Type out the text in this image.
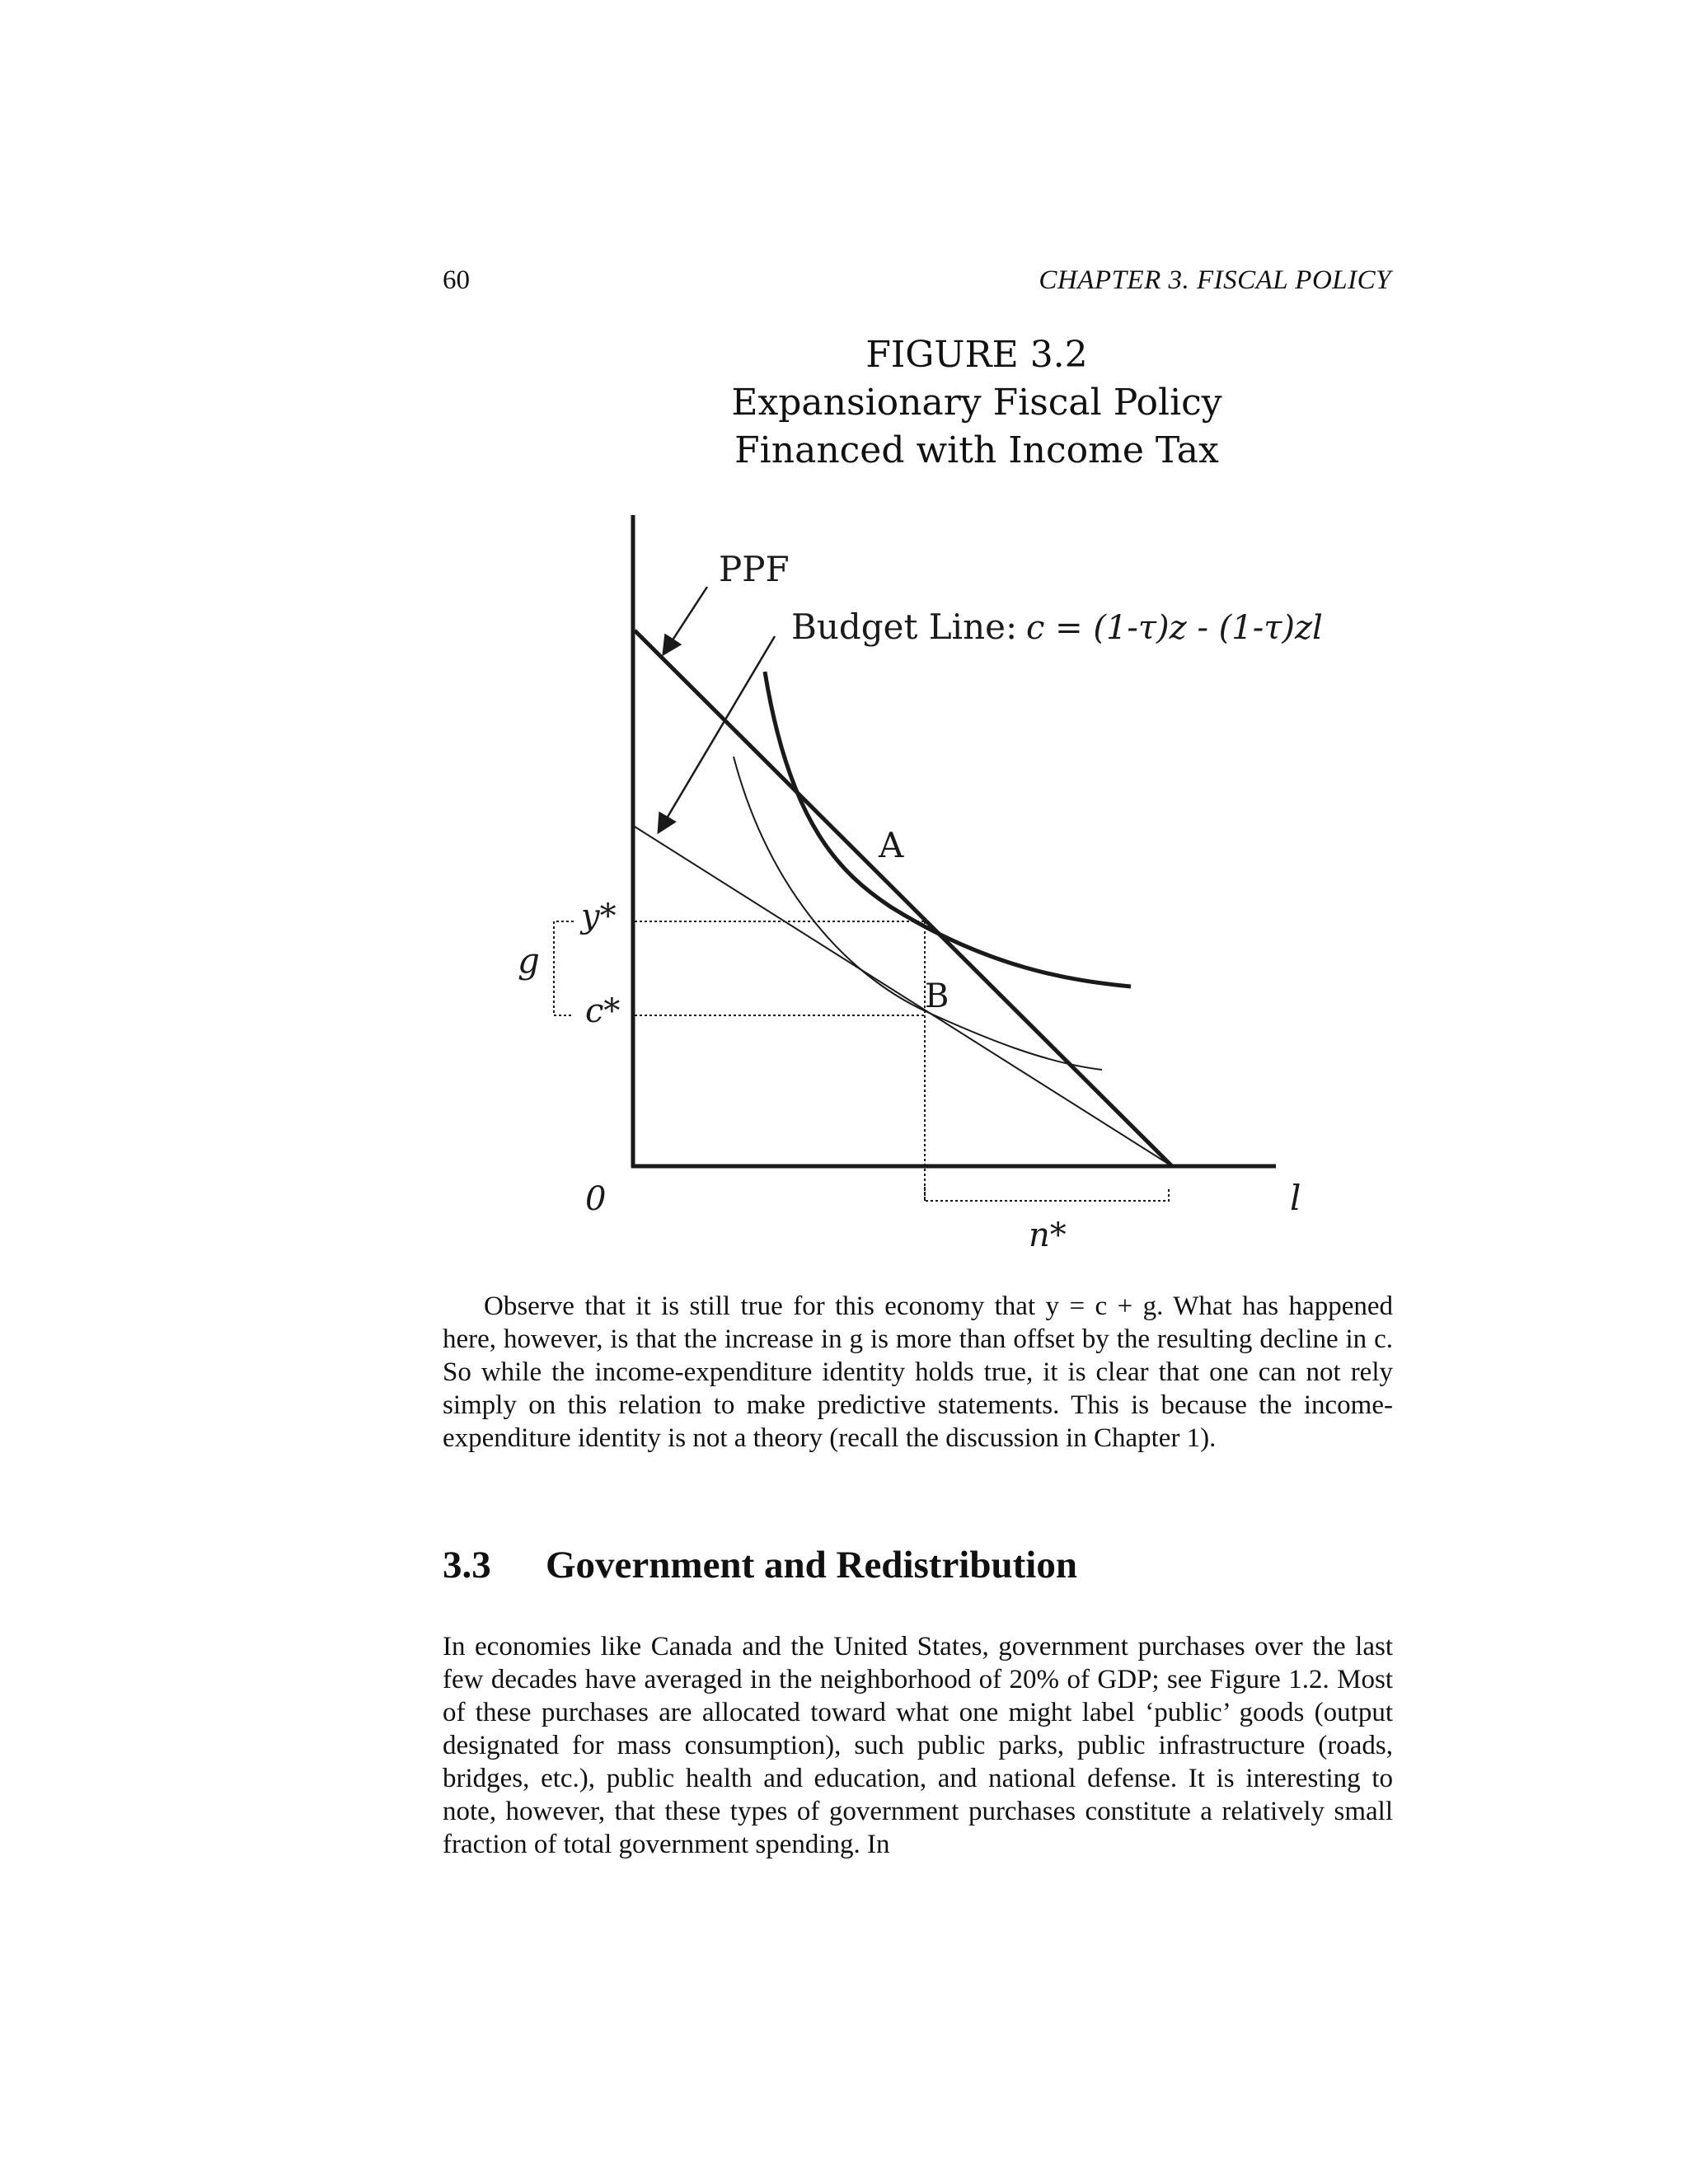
60	CHAPTER 3. FISCAL POLICY
FIGURE 3.2
Expansionary Fiscal Policy
Financed with Income Tax
PPF
Budget Line: c = (1-τ)z - (1-τ)zl
A
B
y*
c*
g
0	l
n*
Observe that it is still true for this economy that y = c + g. What has happened here, however, is that the increase in g is more than offset by the resulting decline in c. So while the income-expenditure identity holds true, it is clear that one can not rely simply on this relation to make predictive statements. This is because the income-expenditure identity is not a theory (recall the discussion in Chapter 1).
3.3 Government and Redistribution
In economies like Canada and the United States, government purchases over the last few decades have averaged in the neighborhood of 20% of GDP; see Figure 1.2. Most of these purchases are allocated toward what one might label ‘public’ goods (output designated for mass consumption), such public parks, public infrastructure (roads, bridges, etc.), public health and education, and national defense. It is interesting to note, however, that these types of government purchases constitute a relatively small fraction of total government spending. In
